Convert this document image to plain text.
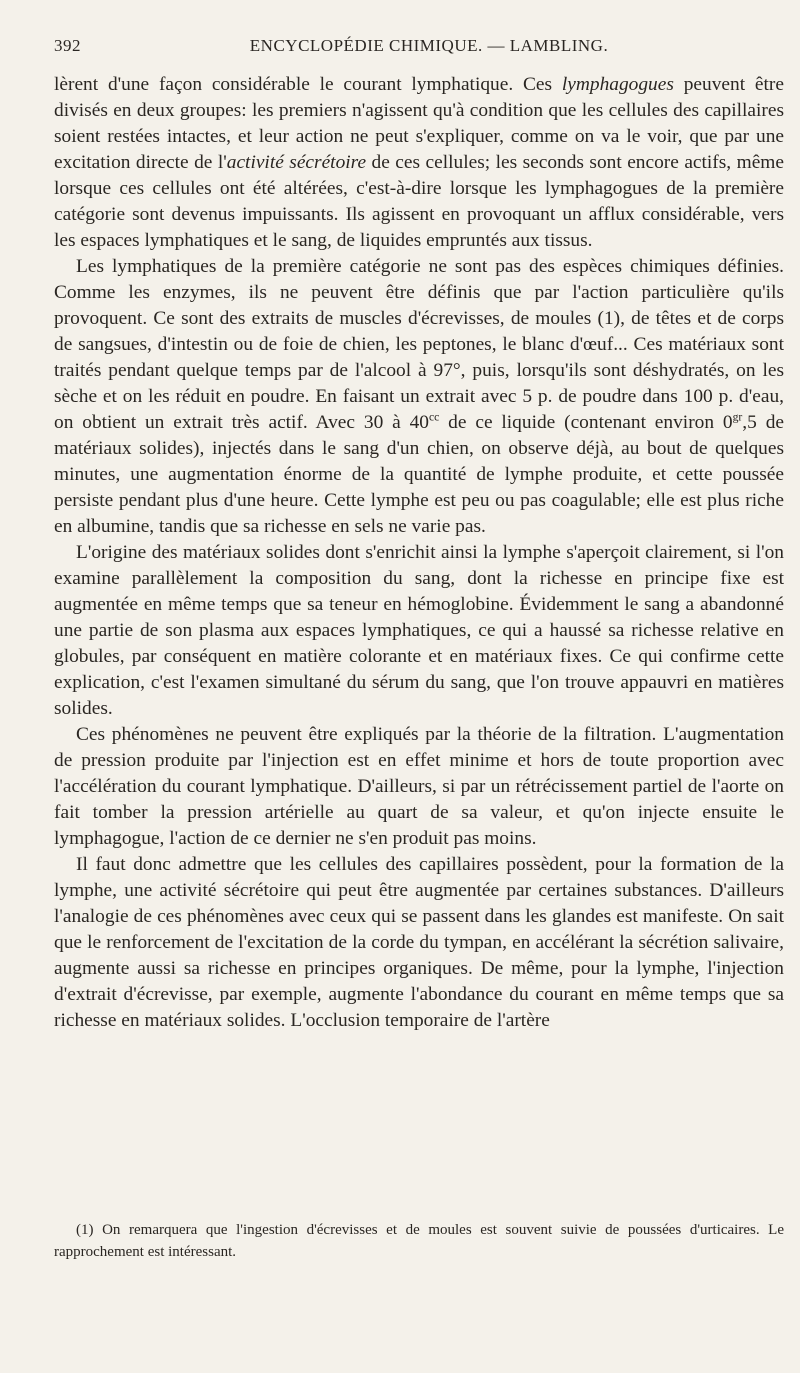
392	ENCYCLOPÉDIE CHIMIQUE. — LAMBLING.

lèrent d'une façon considérable le courant lymphatique. Ces lymphagogues peuvent être divisés en deux groupes: les premiers n'agissent qu'à condition que les cellules des capillaires soient restées intactes, et leur action ne peut s'expliquer, comme on va le voir, que par une excitation directe de l'activité sécrétoire de ces cellules; les seconds sont encore actifs, même lorsque ces cellules ont été altérées, c'est-à-dire lorsque les lymphagogues de la première catégorie sont devenus impuissants. Ils agissent en provoquant un afflux considérable, vers les espaces lymphatiques et le sang, de liquides empruntés aux tissus.

Les lymphatiques de la première catégorie ne sont pas des espèces chimiques définies. Comme les enzymes, ils ne peuvent être définis que par l'action particulière qu'ils provoquent. Ce sont des extraits de muscles d'écrevisses, de moules (1), de têtes et de corps de sangsues, d'intestin ou de foie de chien, les peptones, le blanc d'œuf... Ces matériaux sont traités pendant quelque temps par de l'alcool à 97°, puis, lorsqu'ils sont déshydratés, on les sèche et on les réduit en poudre. En faisant un extrait avec 5 p. de poudre dans 100 p. d'eau, on obtient un extrait très actif. Avec 30 à $40^{cc}$ de ce liquide (contenant environ $0^{gr},5$ de matériaux solides), injectés dans le sang d'un chien, on observe déjà, au bout de quelques minutes, une augmentation énorme de la quantité de lymphe produite, et cette poussée persiste pendant plus d'une heure. Cette lymphe est peu ou pas coagulable; elle est plus riche en albumine, tandis que sa richesse en sels ne varie pas.

L'origine des matériaux solides dont s'enrichit ainsi la lymphe s'aperçoit clairement, si l'on examine parallèlement la composition du sang, dont la richesse en principe fixe est augmentée en même temps que sa teneur en hémoglobine. Évidemment le sang a abandonné une partie de son plasma aux espaces lymphatiques, ce qui a haussé sa richesse relative en globules, par conséquent en matière colorante et en matériaux fixes. Ce qui confirme cette explication, c'est l'examen simultané du sérum du sang, que l'on trouve appauvri en matières solides.

Ces phénomènes ne peuvent être expliqués par la théorie de la filtration. L'augmentation de pression produite par l'injection est en effet minime et hors de toute proportion avec l'accélération du courant lymphatique. D'ailleurs, si par un rétrécissement partiel de l'aorte on fait tomber la pression artérielle au quart de sa valeur, et qu'on injecte ensuite le lymphagogue, l'action de ce dernier ne s'en produit pas moins.

Il faut donc admettre que les cellules des capillaires possèdent, pour la formation de la lymphe, une activité sécrétoire qui peut être augmentée par certaines substances. D'ailleurs l'analogie de ces phénomènes avec ceux qui se passent dans les glandes est manifeste. On sait que le renforcement de l'excitation de la corde du tympan, en accélérant la sécrétion salivaire, augmente aussi sa richesse en principes organiques. De même, pour la lymphe, l'injection d'extrait d'écrevisse, par exemple, augmente l'abondance du courant en même temps que sa richesse en matériaux solides. L'occlusion temporaire de l'artère

(1) On remarquera que l'ingestion d'écrevisses et de moules est souvent suivie de poussées d'urticaires. Le rapprochement est intéressant.
